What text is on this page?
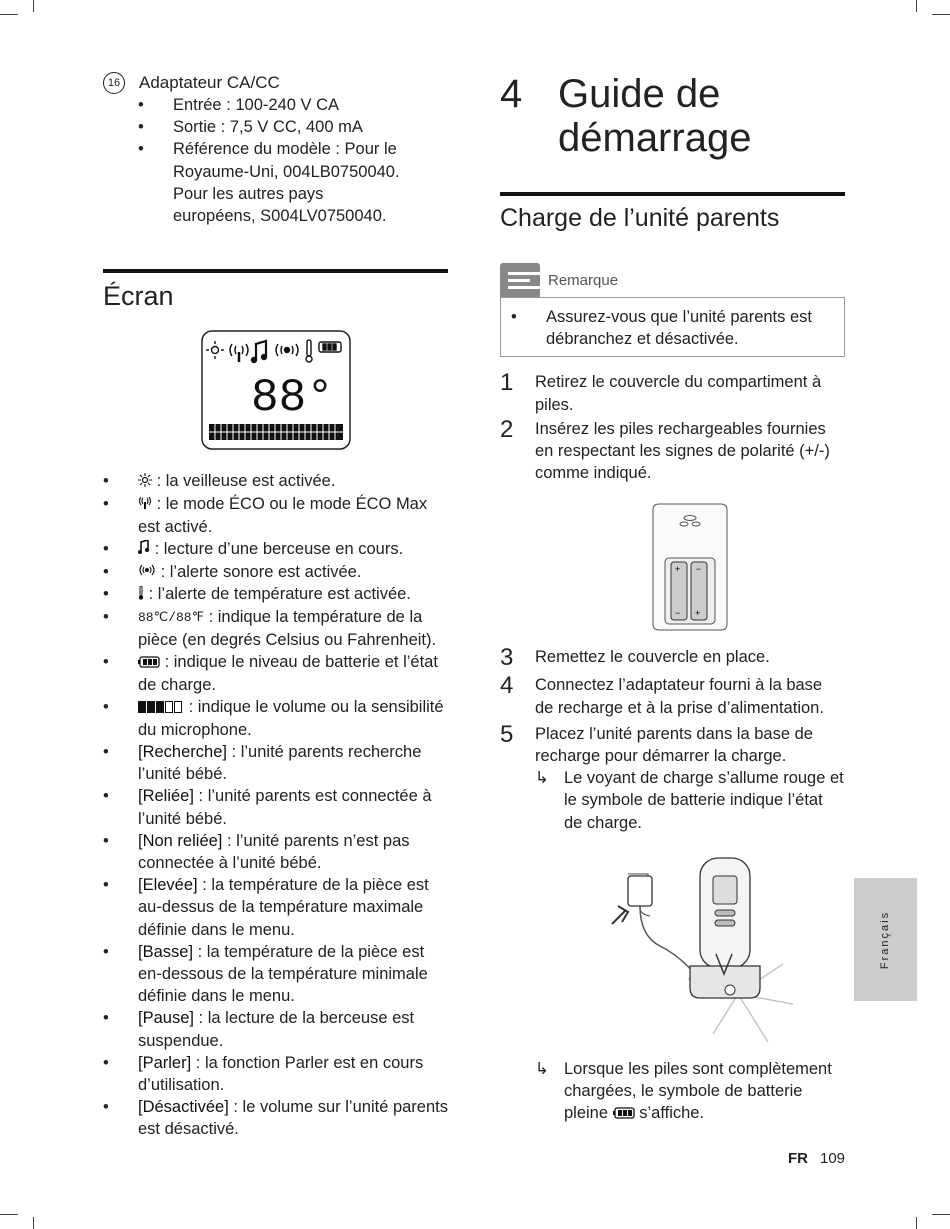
16 Adaptateur CA/CC
• Entrée : 100-240 V CA
• Sortie : 7,5 V CC, 400 mA
• Référence du modèle : Pour le Royaume-Uni, 004LB0750040. Pour les autres pays européens, S004LV0750040.
Écran
88°
• : la veilleuse est activée.
• : le mode ÉCO ou le mode ÉCO Max est activé.
• : lecture d’une berceuse en cours.
• : l’alerte sonore est activée.
• : l’alerte de température est activée.
• 88℃/88℉ : indique la température de la pièce (en degrés Celsius ou Fahrenheit).
• : indique le niveau de batterie et l’état de charge.
• : indique le volume ou la sensibilité du microphone.
• [Recherche] : l’unité parents recherche l’unité bébé.
• [Reliée] : l’unité parents est connectée à l’unité bébé.
• [Non reliée] : l’unité parents n’est pas connectée à l’unité bébé.
• [Elevée] : la température de la pièce est au-dessus de la température maximale définie dans le menu.
• [Basse] : la température de la pièce est en-dessous de la température minimale définie dans le menu.
• [Pause] : la lecture de la berceuse est suspendue.
• [Parler] : la fonction Parler est en cours d’utilisation.
• [Désactivée] : le volume sur l’unité parents est désactivé.
4 Guide de
démarrage
Charge de l’unité parents
Remarque
• Assurez-vous que l’unité parents est débranchez et désactivée.
1	Retirez le couvercle du compartiment à piles.
2	Insérez les piles rechargeables fournies en respectant les signes de polarité (+/-) comme indiqué.
+ −
− +
3	Remettez le couvercle en place.
4	Connectez l’adaptateur fourni à la base de recharge et à la prise d’alimentation.
5	Placez l’unité parents dans la base de recharge pour démarrer la charge.
↳ Le voyant de charge s’allume rouge et le symbole de batterie indique l’état de charge.
↳ Lorsque les piles sont complètement chargées, le symbole de batterie pleine  s’affiche.
Français
FR 109
